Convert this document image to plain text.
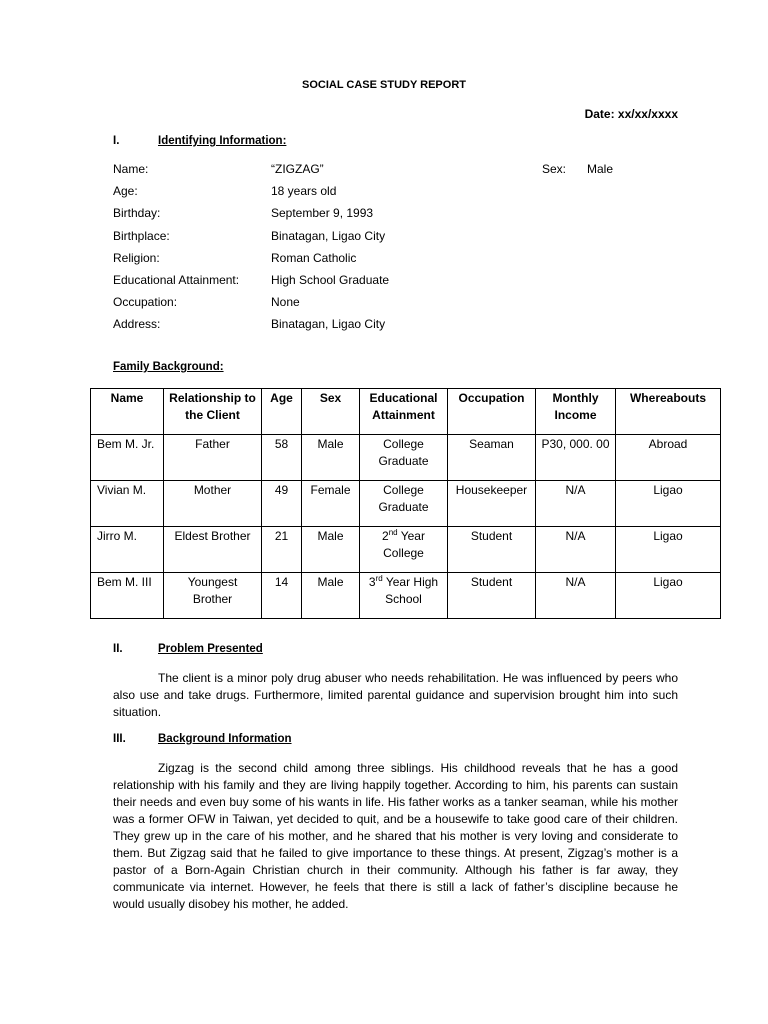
SOCIAL CASE STUDY REPORT
Date: xx/xx/xxxx
I.	Identifying Information:
Name:	“ZIGZAG”	Sex: Male
Age:	18 years old
Birthday:	September 9, 1993
Birthplace:	Binatagan, Ligao City
Religion:	Roman Catholic
Educational Attainment:	High School Graduate
Occupation:	None
Address:	Binatagan, Ligao City
Family Background:
Name	Relationship to the Client	Age	Sex	Educational Attainment	Occupation	Monthly Income	Whereabouts
Bem M. Jr.	Father	58	Male	College Graduate	Seaman	P30, 000. 00	Abroad
Vivian M.	Mother	49	Female	College Graduate	Housekeeper	N/A	Ligao
Jirro M.	Eldest Brother	21	Male	2nd Year College	Student	N/A	Ligao
Bem M. III	Youngest Brother	14	Male	3rd Year High School	Student	N/A	Ligao
II.	Problem Presented
The client is a minor poly drug abuser who needs rehabilitation. He was influenced by peers who also use and take drugs. Furthermore, limited parental guidance and supervision brought him into such situation.
III.	Background Information
Zigzag is the second child among three siblings. His childhood reveals that he has a good relationship with his family and they are living happily together. According to him, his parents can sustain their needs and even buy some of his wants in life. His father works as a tanker seaman, while his mother was a former OFW in Taiwan, yet decided to quit, and be a housewife to take good care of their children. They grew up in the care of his mother, and he shared that his mother is very loving and considerate to them. But Zigzag said that he failed to give importance to these things. At present, Zigzag’s mother is a pastor of a Born-Again Christian church in their community. Although his father is far away, they communicate via internet. However, he feels that there is still a lack of father’s discipline because he would usually disobey his mother, he added.
